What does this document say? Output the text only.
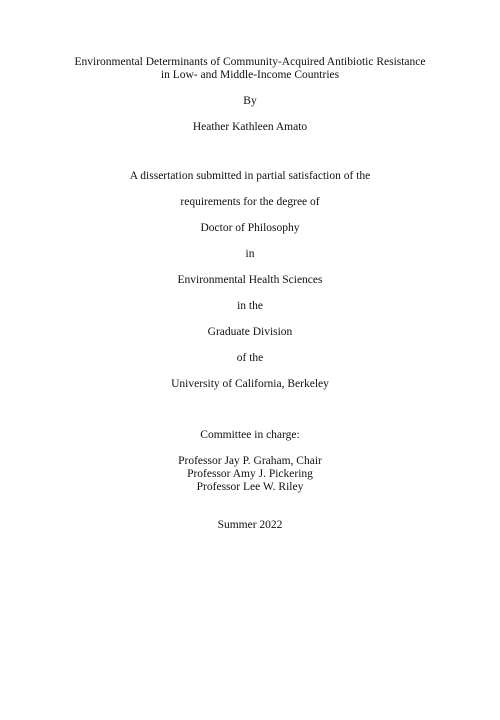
Environmental Determinants of Community-Acquired Antibiotic Resistance

in Low- and Middle-Income Countries

By

Heather Kathleen Amato

A dissertation submitted in partial satisfaction of the

requirements for the degree of

Doctor of Philosophy

in

Environmental Health Sciences

in the

Graduate Division

of the

University of California, Berkeley

Committee in charge:

Professor Jay P. Graham, Chair

Professor Amy J. Pickering

Professor Lee W. Riley

Summer 2022
